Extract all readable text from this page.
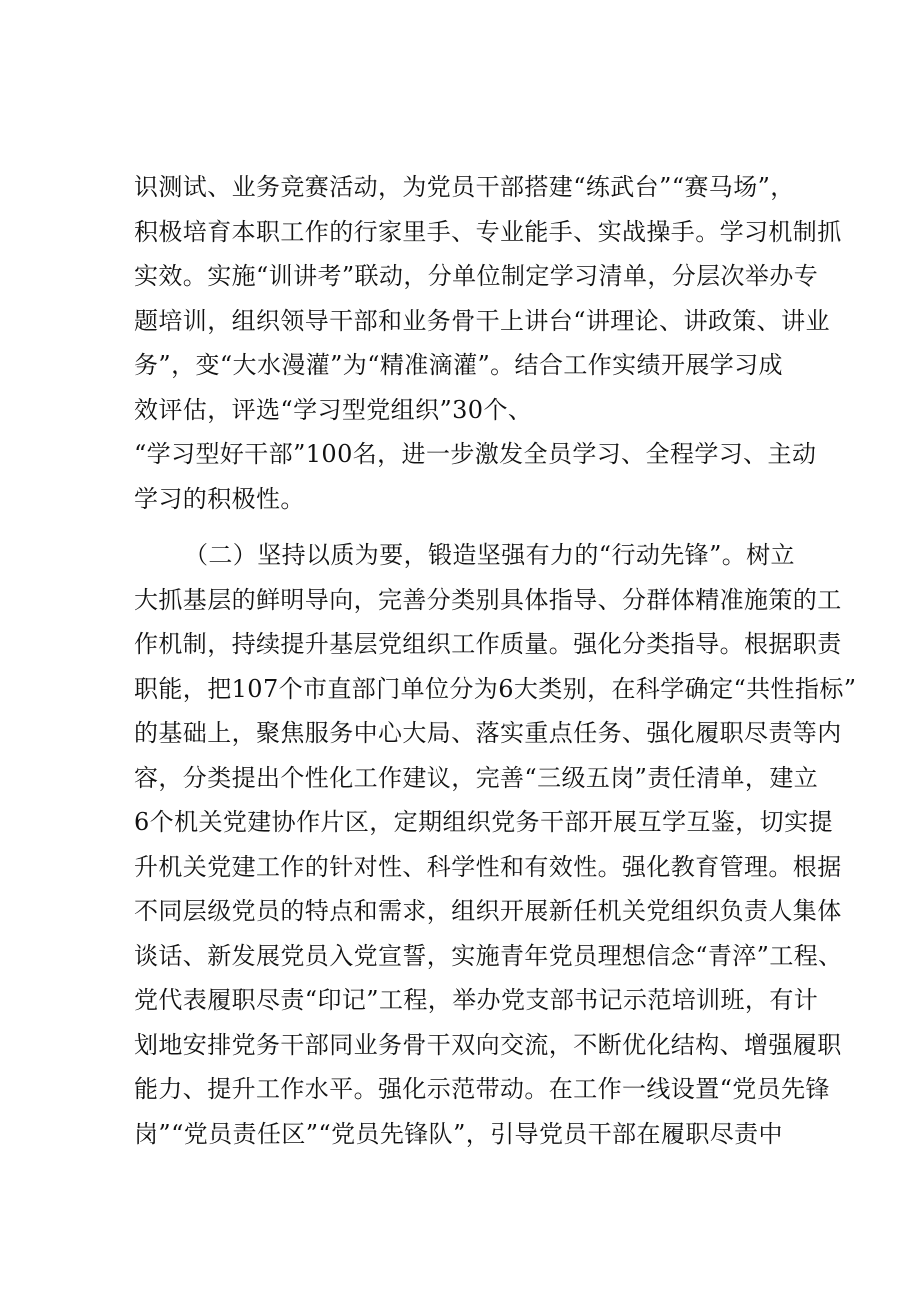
识测试、业务竞赛活动，为党员干部搭建“练武台”“赛马场”，
积极培育本职工作的行家里手、专业能手、实战操手。学习机制抓
实效。实施“训讲考”联动，分单位制定学习清单，分层次举办专
题培训，组织领导干部和业务骨干上讲台“讲理论、讲政策、讲业
务”，变“大水漫灌”为“精准滴灌”。结合工作实绩开展学习成
效评估，评选“学习型党组织”30个、
“学习型好干部”100名，进一步激发全员学习、全程学习、主动
学习的积极性。
（二）坚持以质为要，锻造坚强有力的“行动先锋”。树立
大抓基层的鲜明导向，完善分类别具体指导、分群体精准施策的工
作机制，持续提升基层党组织工作质量。强化分类指导。根据职责
职能，把107个市直部门单位分为6大类别，在科学确定“共性指标”
的基础上，聚焦服务中心大局、落实重点任务、强化履职尽责等内
容，分类提出个性化工作建议，完善“三级五岗”责任清单，建立
6个机关党建协作片区，定期组织党务干部开展互学互鉴，切实提
升机关党建工作的针对性、科学性和有效性。强化教育管理。根据
不同层级党员的特点和需求，组织开展新任机关党组织负责人集体
谈话、新发展党员入党宣誓，实施青年党员理想信念“青淬”工程、
党代表履职尽责“印记”工程，举办党支部书记示范培训班，有计
划地安排党务干部同业务骨干双向交流，不断优化结构、增强履职
能力、提升工作水平。强化示范带动。在工作一线设置“党员先锋
岗”“党员责任区”“党员先锋队”，引导党员干部在履职尽责中
